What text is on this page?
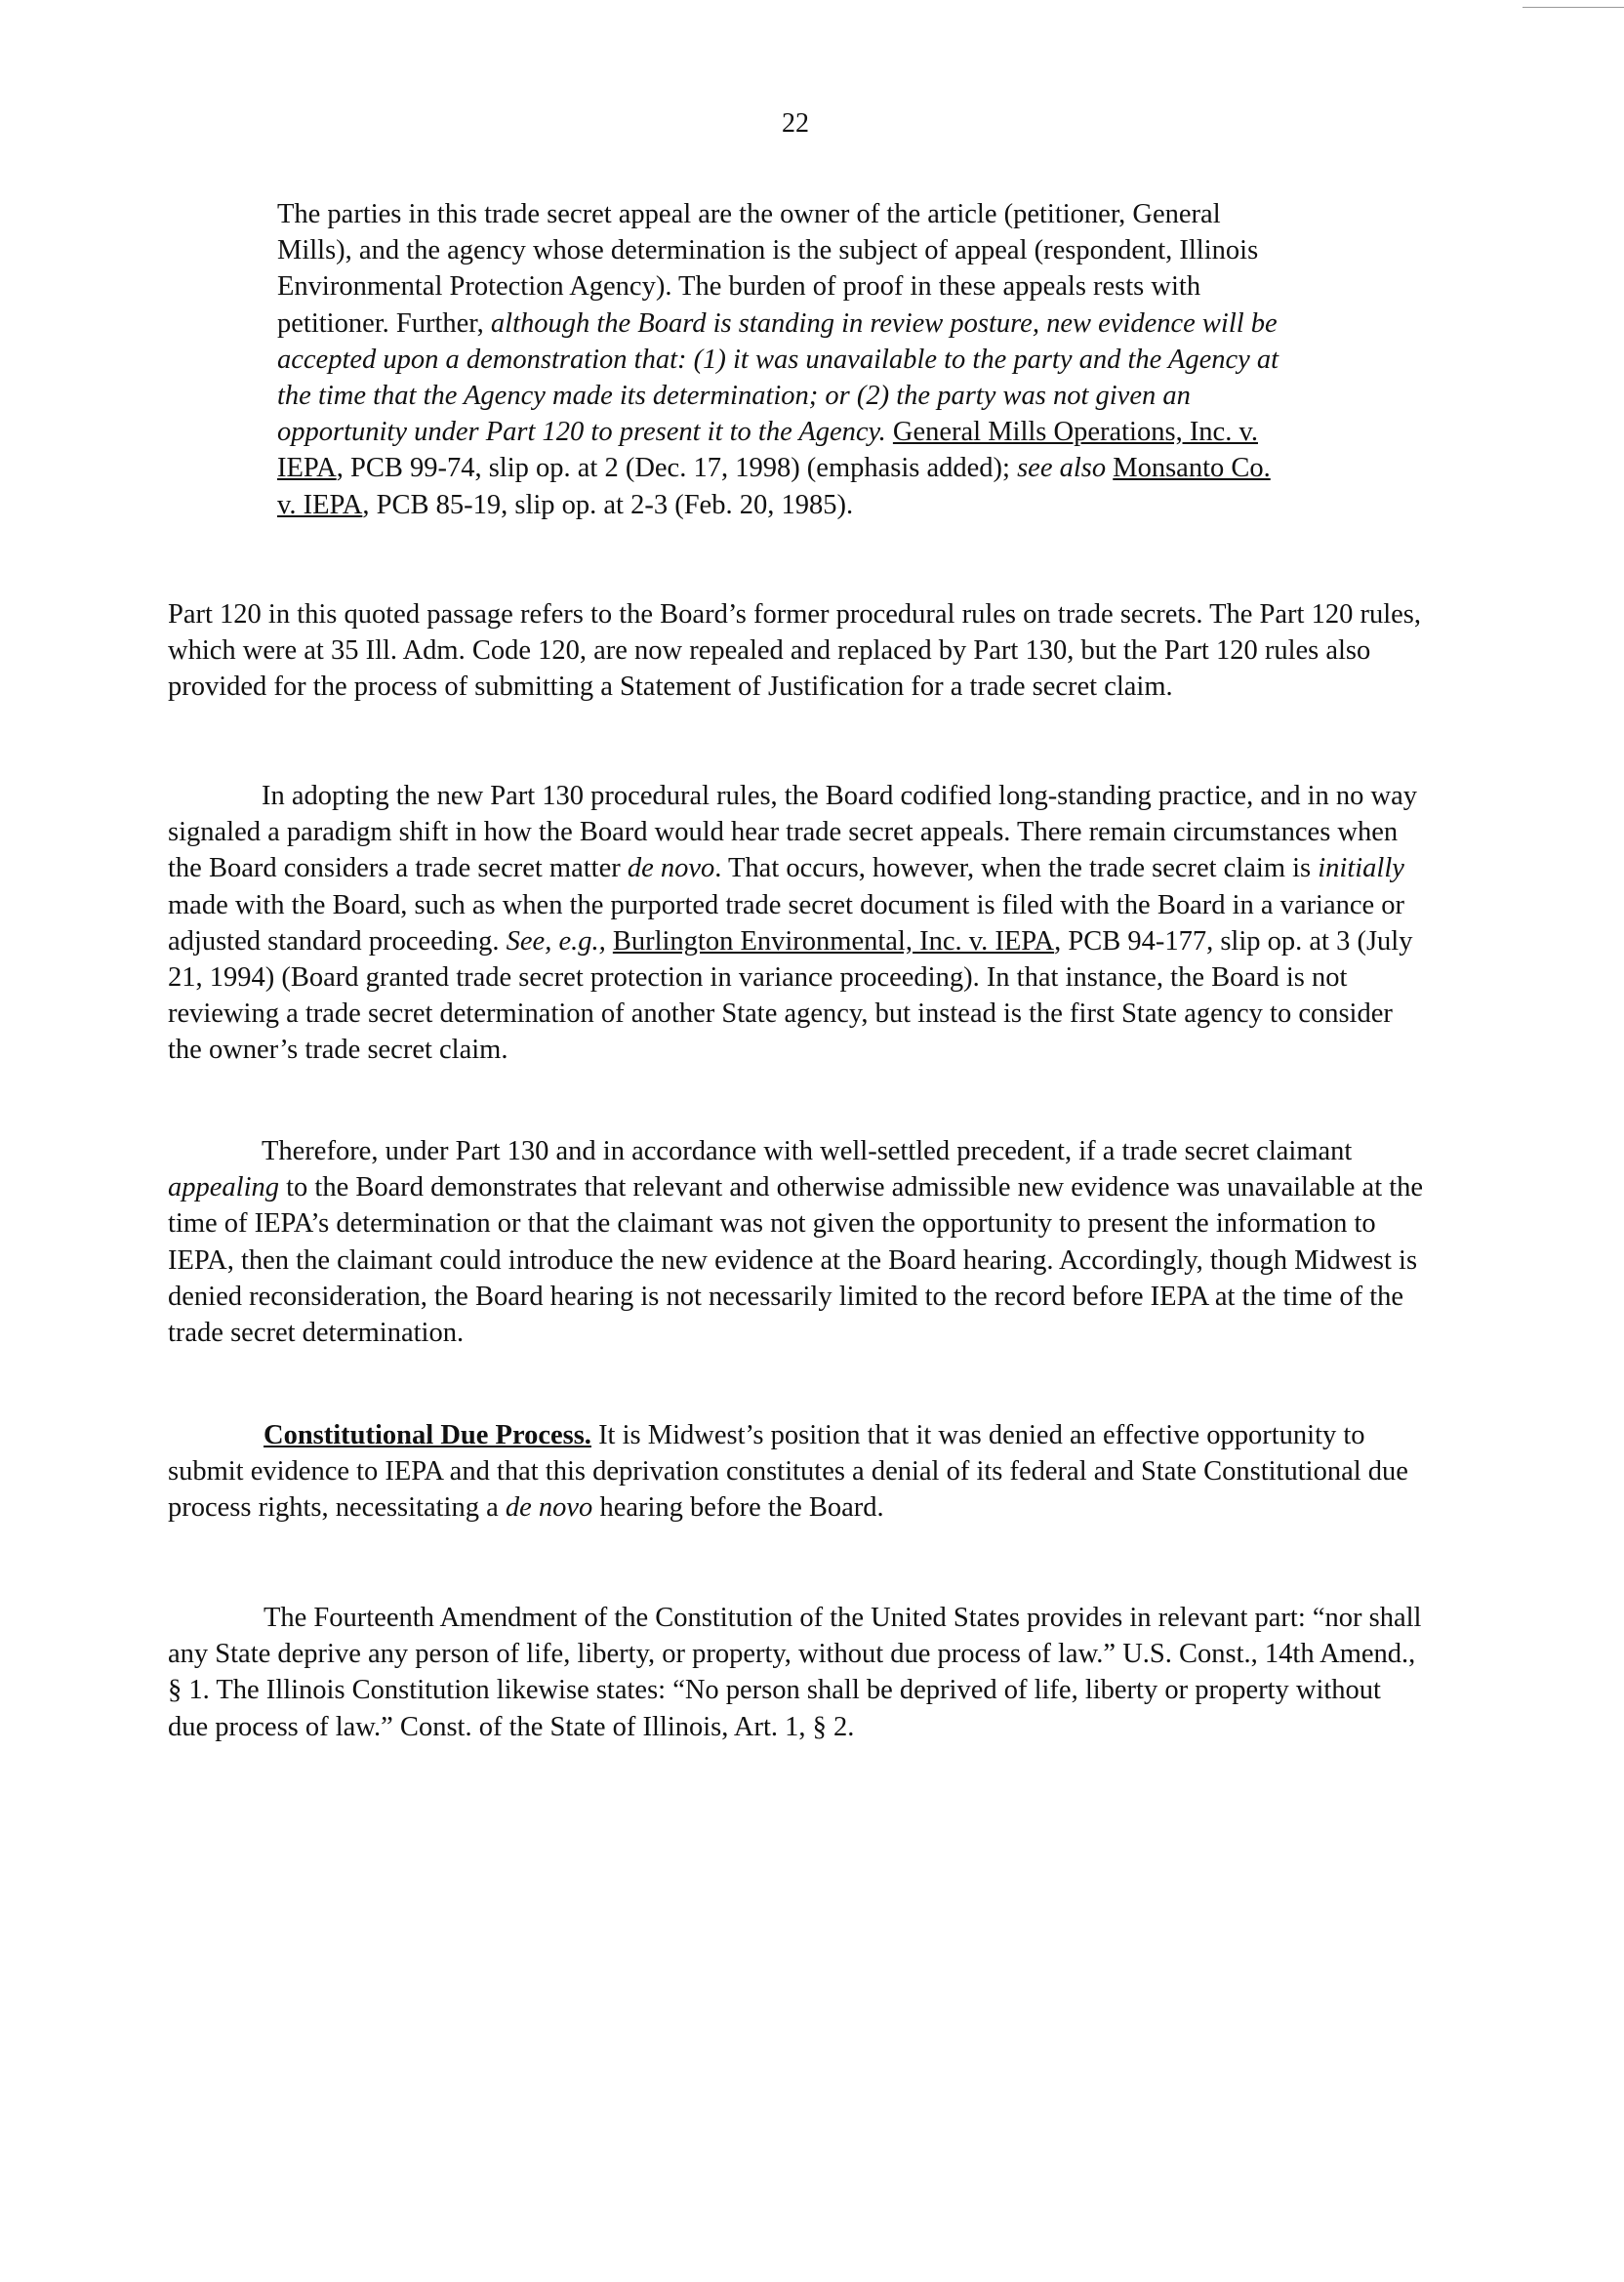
22
The parties in this trade secret appeal are the owner of the article (petitioner, General Mills), and the agency whose determination is the subject of appeal (respondent, Illinois Environmental Protection Agency). The burden of proof in these appeals rests with petitioner. Further, although the Board is standing in review posture, new evidence will be accepted upon a demonstration that: (1) it was unavailable to the party and the Agency at the time that the Agency made its determination; or (2) the party was not given an opportunity under Part 120 to present it to the Agency. General Mills Operations, Inc. v. IEPA, PCB 99-74, slip op. at 2 (Dec. 17, 1998) (emphasis added); see also Monsanto Co. v. IEPA, PCB 85-19, slip op. at 2-3 (Feb. 20, 1985).
Part 120 in this quoted passage refers to the Board’s former procedural rules on trade secrets. The Part 120 rules, which were at 35 Ill. Adm. Code 120, are now repealed and replaced by Part 130, but the Part 120 rules also provided for the process of submitting a Statement of Justification for a trade secret claim.
In adopting the new Part 130 procedural rules, the Board codified long-standing practice, and in no way signaled a paradigm shift in how the Board would hear trade secret appeals. There remain circumstances when the Board considers a trade secret matter de novo. That occurs, however, when the trade secret claim is initially made with the Board, such as when the purported trade secret document is filed with the Board in a variance or adjusted standard proceeding. See, e.g., Burlington Environmental, Inc. v. IEPA, PCB 94-177, slip op. at 3 (July 21, 1994) (Board granted trade secret protection in variance proceeding). In that instance, the Board is not reviewing a trade secret determination of another State agency, but instead is the first State agency to consider the owner’s trade secret claim.
Therefore, under Part 130 and in accordance with well-settled precedent, if a trade secret claimant appealing to the Board demonstrates that relevant and otherwise admissible new evidence was unavailable at the time of IEPA’s determination or that the claimant was not given the opportunity to present the information to IEPA, then the claimant could introduce the new evidence at the Board hearing. Accordingly, though Midwest is denied reconsideration, the Board hearing is not necessarily limited to the record before IEPA at the time of the trade secret determination.
Constitutional Due Process. It is Midwest’s position that it was denied an effective opportunity to submit evidence to IEPA and that this deprivation constitutes a denial of its federal and State Constitutional due process rights, necessitating a de novo hearing before the Board.
The Fourteenth Amendment of the Constitution of the United States provides in relevant part: “nor shall any State deprive any person of life, liberty, or property, without due process of law.” U.S. Const., 14th Amend., § 1. The Illinois Constitution likewise states: “No person shall be deprived of life, liberty or property without due process of law.” Const. of the State of Illinois, Art. 1, § 2.
